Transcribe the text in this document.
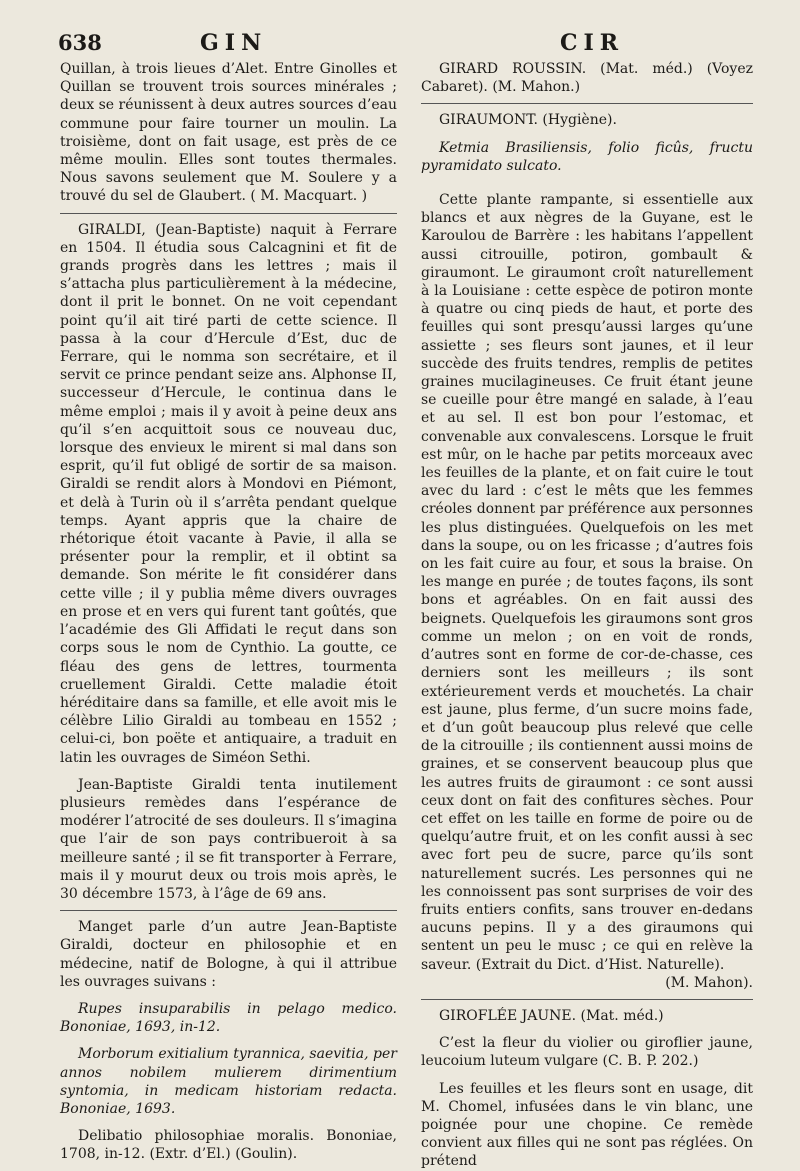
638	GIN	CIR

Quillan, à trois lieues d’Alet. Entre Ginolles et Quillan se trouvent trois sources minérales ; deux se réunissent à deux autres sources d’eau commune pour faire tourner un moulin. La troisième, dont on fait usage, est près de ce même moulin. Elles sont toutes thermales. Nous savons seulement que M. Soulere y a trouvé du sel de Glaubert. ( M. Macquart. )

GIRALDI, (Jean-Baptiste) naquit à Ferrare en 1504. Il étudia sous Calcagnini et fit de grands progrès dans les lettres ; mais il s’attacha plus particulièrement à la médecine, dont il prit le bonnet. On ne voit cependant point qu’il ait tiré parti de cette science. Il passa à la cour d’Hercule d’Est, duc de Ferrare, qui le nomma son secrétaire, et il servit ce prince pendant seize ans. Alphonse II, successeur d’Hercule, le continua dans le même emploi ; mais il y avoit à peine deux ans qu’il s’en acquittoit sous ce nouveau duc, lorsque des envieux le mirent si mal dans son esprit, qu’il fut obligé de sortir de sa maison. Giraldi se rendit alors à Mondovi en Piémont, et delà à Turin où il s’arrêta pendant quelque temps. Ayant appris que la chaire de rhétorique étoit vacante à Pavie, il alla se présenter pour la remplir, et il obtint sa demande. Son mérite le fit considérer dans cette ville ; il y publia même divers ouvrages en prose et en vers qui furent tant goûtés, que l’académie des Gli Affidati le reçut dans son corps sous le nom de Cynthio. La goutte, ce fléau des gens de lettres, tourmenta cruellement Giraldi. Cette maladie étoit héréditaire dans sa famille, et elle avoit mis le célèbre Lilio Giraldi au tombeau en 1552 ; celui-ci, bon poëte et antiquaire, a traduit en latin les ouvrages de Siméon Sethi.

Jean-Baptiste Giraldi tenta inutilement plusieurs remèdes dans l’espérance de modérer l’atrocité de ses douleurs. Il s’imagina que l’air de son pays contribueroit à sa meilleure santé ; il se fit transporter à Ferrare, mais il y mourut deux ou trois mois après, le 30 décembre 1573, à l’âge de 69 ans.

Manget parle d’un autre Jean-Baptiste Giraldi, docteur en philosophie et en médecine, natif de Bologne, à qui il attribue les ouvrages suivans :

Rupes insuparabilis in pelago medico. Bononiae, 1693, in-12.

Morborum exitialium tyrannica, saevitia, per annos nobilem mulierem dirimentium syntomia, in medicam historiam redacta. Bononiae, 1693.

Delibatio philosophiae moralis. Bononiae, 1708, in-12. (Extr. d’El.) (Goulin).

GIRARD ROUSSIN. (Mat. méd.) (Voyez Cabaret). (M. Mahon.)

GIRAUMONT. (Hygiène).

Ketmia Brasiliensis, folio ficûs, fructu pyramidato sulcato.

Cette plante rampante, si essentielle aux blancs et aux nègres de la Guyane, est le Karoulou de Barrère : les habitans l’appellent aussi citrouille, potiron, gombault & giraumont. Le giraumont croît naturellement à la Louisiane : cette espèce de potiron monte à quatre ou cinq pieds de haut, et porte des feuilles qui sont presqu’aussi larges qu’une assiette ; ses fleurs sont jaunes, et il leur succède des fruits tendres, remplis de petites graines mucilagineuses. Ce fruit étant jeune se cueille pour être mangé en salade, à l’eau et au sel. Il est bon pour l’estomac, et convenable aux convalescens. Lorsque le fruit est mûr, on le hache par petits morceaux avec les feuilles de la plante, et on fait cuire le tout avec du lard : c’est le mêts que les femmes créoles donnent par préférence aux personnes les plus distinguées. Quelquefois on les met dans la soupe, ou on les fricasse ; d’autres fois on les fait cuire au four, et sous la braise. On les mange en purée ; de toutes façons, ils sont bons et agréables. On en fait aussi des beignets. Quelquefois les giraumons sont gros comme un melon ; on en voit de ronds, d’autres sont en forme de cor-de-chasse, ces derniers sont les meilleurs ; ils sont extérieurement verds et mouchetés. La chair est jaune, plus ferme, d’un sucre moins fade, et d’un goût beaucoup plus relevé que celle de la citrouille ; ils contiennent aussi moins de graines, et se conservent beaucoup plus que les autres fruits de giraumont : ce sont aussi ceux dont on fait des confitures sèches. Pour cet effet on les taille en forme de poire ou de quelqu’autre fruit, et on les confit aussi à sec avec fort peu de sucre, parce qu’ils sont naturellement sucrés. Les personnes qui ne les connoissent pas sont surprises de voir des fruits entiers confits, sans trouver en-dedans aucuns pepins. Il y a des giraumons qui sentent un peu le musc ; ce qui en relève la saveur. (Extrait du Dict. d’Hist. Naturelle).

(M. Mahon).

GIROFLÉE JAUNE. (Mat. méd.)

C’est la fleur du violier ou giroflier jaune, leucoium luteum vulgare (C. B. P. 202.)

Les feuilles et les fleurs sont en usage, dit M. Chomel, infusées dans le vin blanc, une poignée pour une chopine. Ce remède convient aux filles qui ne sont pas réglées. On prétend
